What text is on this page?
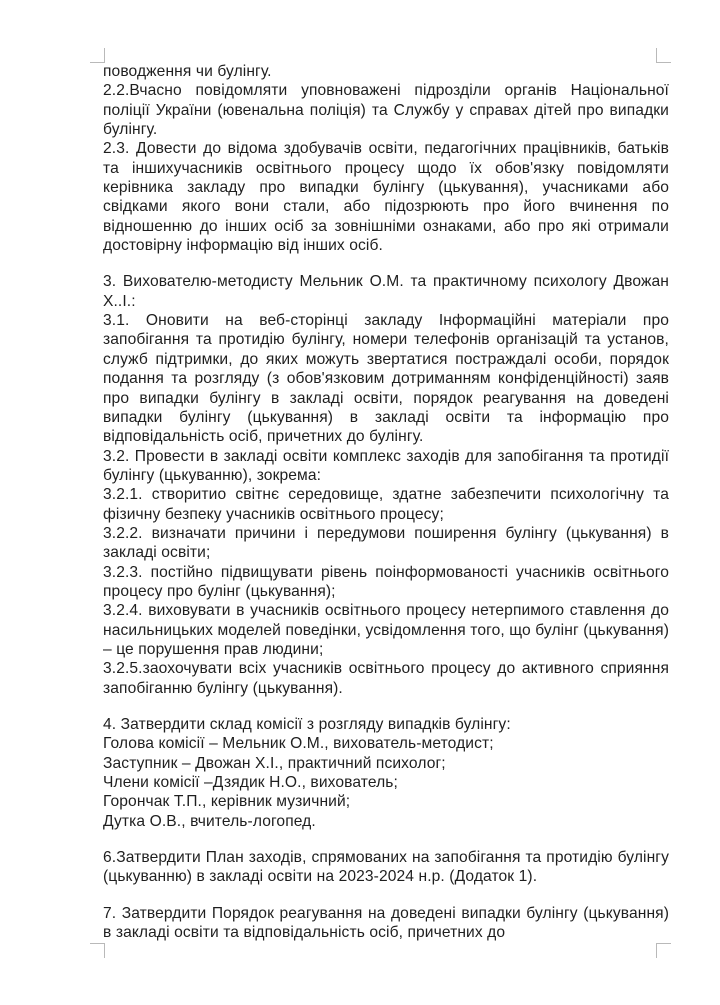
поводження чи булінгу.

2.2.Вчасно повідомляти уповноважені підрозділи органів Національної поліції України (ювенальна поліція) та Службу у справах дітей про випадки булінгу.

2.3. Довести до відома здобувачів освіти, педагогічних працівників, батьків та іншихучасників освітнього процесу щодо їх обов'язку повідомляти керівника закладу про випадки булінгу (цькування), учасниками або свідками якого вони стали, або підозрюють про його вчинення по відношенню до інших осіб за зовнішніми ознаками, або про які отримали достовірну інформацію від інших осіб.

3. Вихователю-методисту Мельник О.М. та практичному психологу Двожан Х..І.:

3.1. Оновити на веб-сторінці закладу Інформаційні матеріали про запобігання та протидію булінгу, номери телефонів організацій та установ, служб підтримки, до яких можуть звертатися постраждалі особи, порядок подання та розгляду (з обов'язковим дотриманням конфіденційності) заяв про випадки булінгу в закладі освіти, порядок реагування на доведені випадки булінгу (цькування) в закладі освіти та інформацію про відповідальність осіб, причетних до булінгу.

3.2. Провести в закладі освіти комплекс заходів для запобігання та протидії булінгу (цькуванню), зокрема:

3.2.1. створитио світнє середовище, здатне забезпечити психологічну та фізичну безпеку учасників освітнього процесу;

3.2.2. визначати причини і передумови поширення булінгу (цькування) в закладі освіти;

3.2.3. постійно підвищувати рівень поінформованості учасників освітнього процесу про булінг (цькування);

3.2.4. виховувати в учасників освітнього процесу нетерпимого ставлення до насильницьких моделей поведінки, усвідомлення того, що булінг (цькування) – це порушення прав людини;

3.2.5.заохочувати всіх учасників освітнього процесу до активного сприяння запобіганню булінгу (цькування).

4. Затвердити склад комісії з розгляду випадків булінгу:

Голова комісії – Мельник О.М., вихователь-методист;

Заступник – Двожан Х.І., практичний психолог;

Члени комісії –Дзядик Н.О., вихователь;

Горончак Т.П., керівник музичний;

Дутка О.В., вчитель-логопед.

6.Затвердити План заходів, спрямованих на запобігання та протидію булінгу (цькуванню) в закладі освіти на 2023-2024 н.р. (Додаток 1).

7. Затвердити Порядок реагування на доведені випадки булінгу (цькування) в закладі освіти та відповідальність осіб, причетних до
